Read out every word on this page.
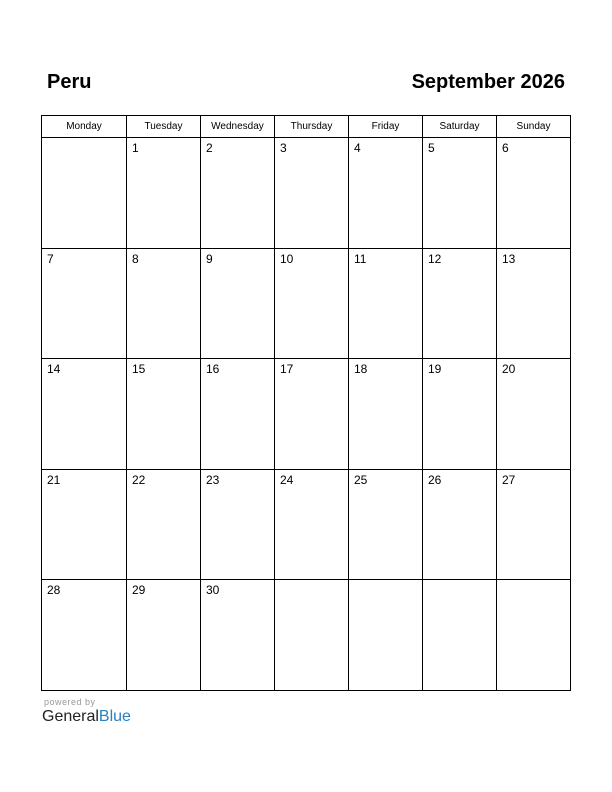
Peru	September 2026
Monday	Tuesday	Wednesday	Thursday	Friday	Saturday	Sunday

	1	2	3	4	5	6

7	8	9	10	11	12	13

14	15	16	17	18	19	20

21	22	23	24	25	26	27

28	29	30				

powered by
GeneralBlue
